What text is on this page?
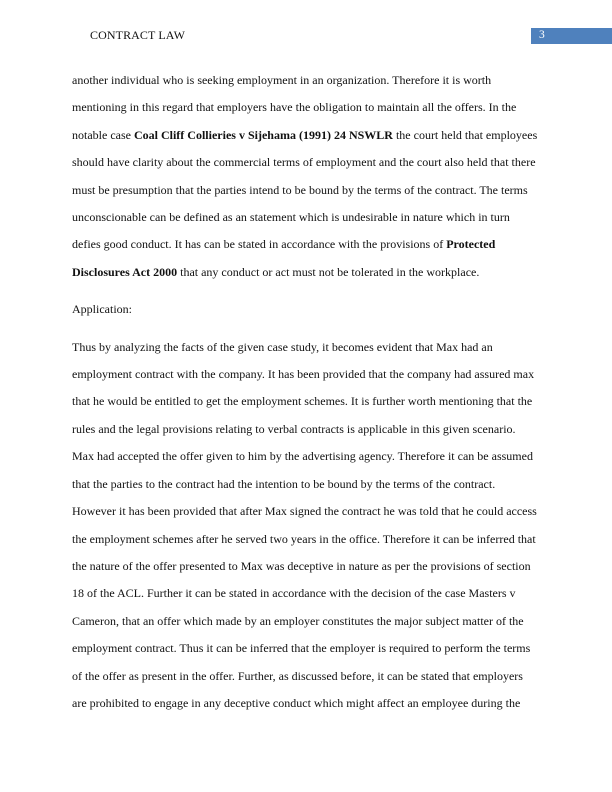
CONTRACT LAW	3

another individual who is seeking employment in an organization. Therefore it is worth

mentioning in this regard that employers have the obligation to maintain all the offers. In the

notable case Coal Cliff Collieries v Sijehama (1991) 24 NSWLR the court held that employees

should have clarity about the commercial terms of employment and the court also held that there

must be presumption that the parties intend to be bound by the terms of the contract. The terms

unconscionable can be defined as an statement which is undesirable in nature which in turn

defies good conduct. It has can be stated in accordance with the provisions of Protected

Disclosures Act 2000 that any conduct or act must not be tolerated in the workplace.

Application:

Thus by analyzing the facts of the given case study, it becomes evident that Max had an

employment contract with the company. It has been provided that the company had assured max

that he would be entitled to get the employment schemes. It is further worth mentioning that the

rules and the legal provisions relating to verbal contracts is applicable in this given scenario.

Max had accepted the offer given to him by the advertising agency. Therefore it can be assumed

that the parties to the contract had the intention to be bound by the terms of the contract.

However it has been provided that after Max signed the contract he was told that he could access

the employment schemes after he served two years in the office. Therefore it can be inferred that

the nature of the offer presented to Max was deceptive in nature as per the provisions of section

18 of the ACL. Further it can be stated in accordance with the decision of the case Masters v

Cameron, that an offer which made by an employer constitutes the major subject matter of the

employment contract. Thus it can be inferred that the employer is required to perform the terms

of the offer as present in the offer. Further, as discussed before, it can be stated that employers

are prohibited to engage in any deceptive conduct which might affect an employee during the
